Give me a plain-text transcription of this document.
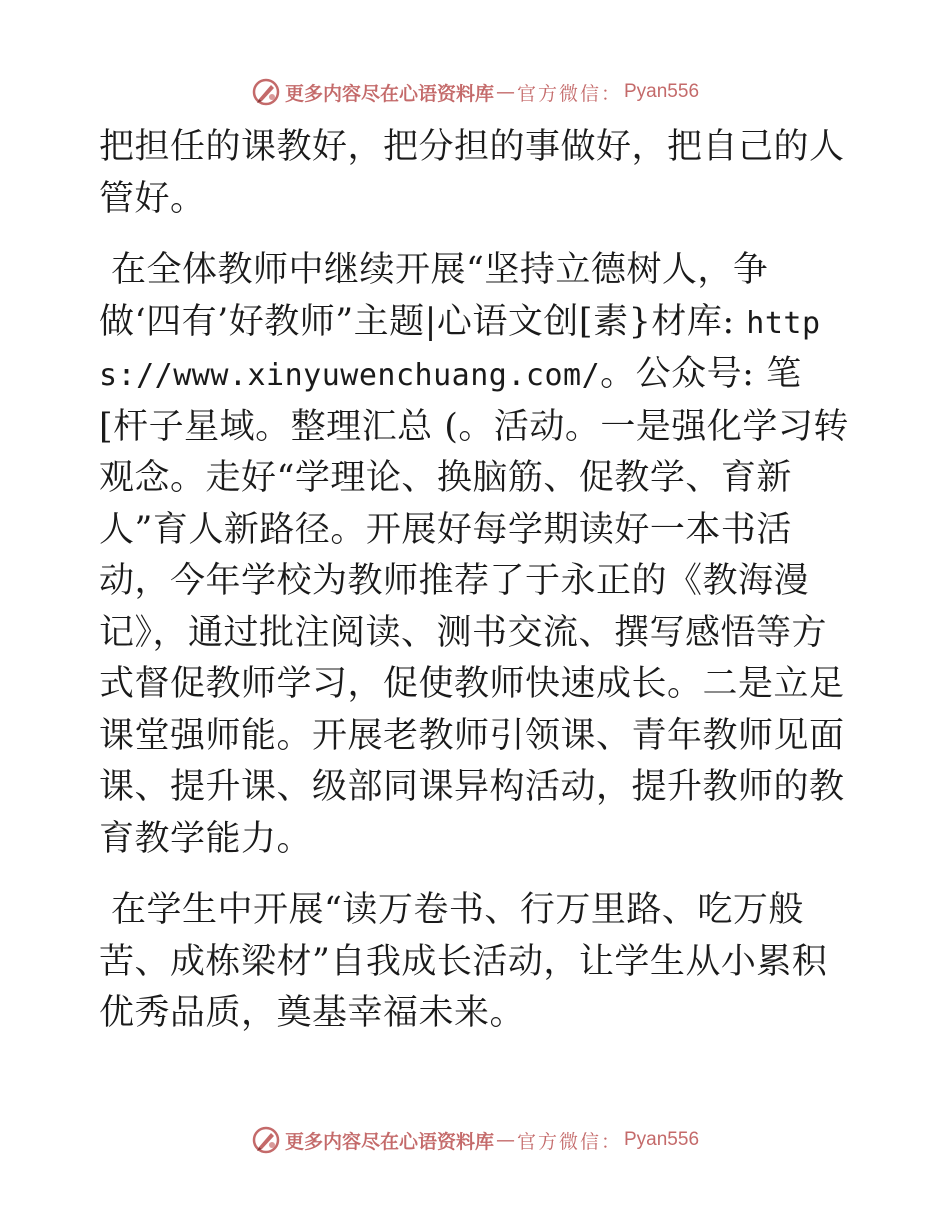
更多内容尽在心语资料库 — 官方微信： Pyan556

把担任的课教好，把分担的事做好，把自己的人管好。

在全体教师中继续开展“坚持立德树人，争做‘四有’好教师”主题|心语文创[素}材库: https://www.xinyuwenchuang.com/。公众号: 笔[杆子星域。整理汇总 (。活动。一是强化学习转观念。走好“学理论、换脑筋、促教学、育新人”育人新路径。开展好每学期读好一本书活动，今年学校为教师推荐了于永正的《教海漫记》，通过批注阅读、测书交流、撰写感悟等方式督促教师学习，促使教师快速成长。二是立足课堂强师能。开展老教师引领课、青年教师见面课、提升课、级部同课异构活动，提升教师的教育教学能力。

在学生中开展“读万卷书、行万里路、吃万般苦、成栋梁材”自我成长活动，让学生从小累积优秀品质，奠基幸福未来。

更多内容尽在心语资料库 — 官方微信： Pyan556
